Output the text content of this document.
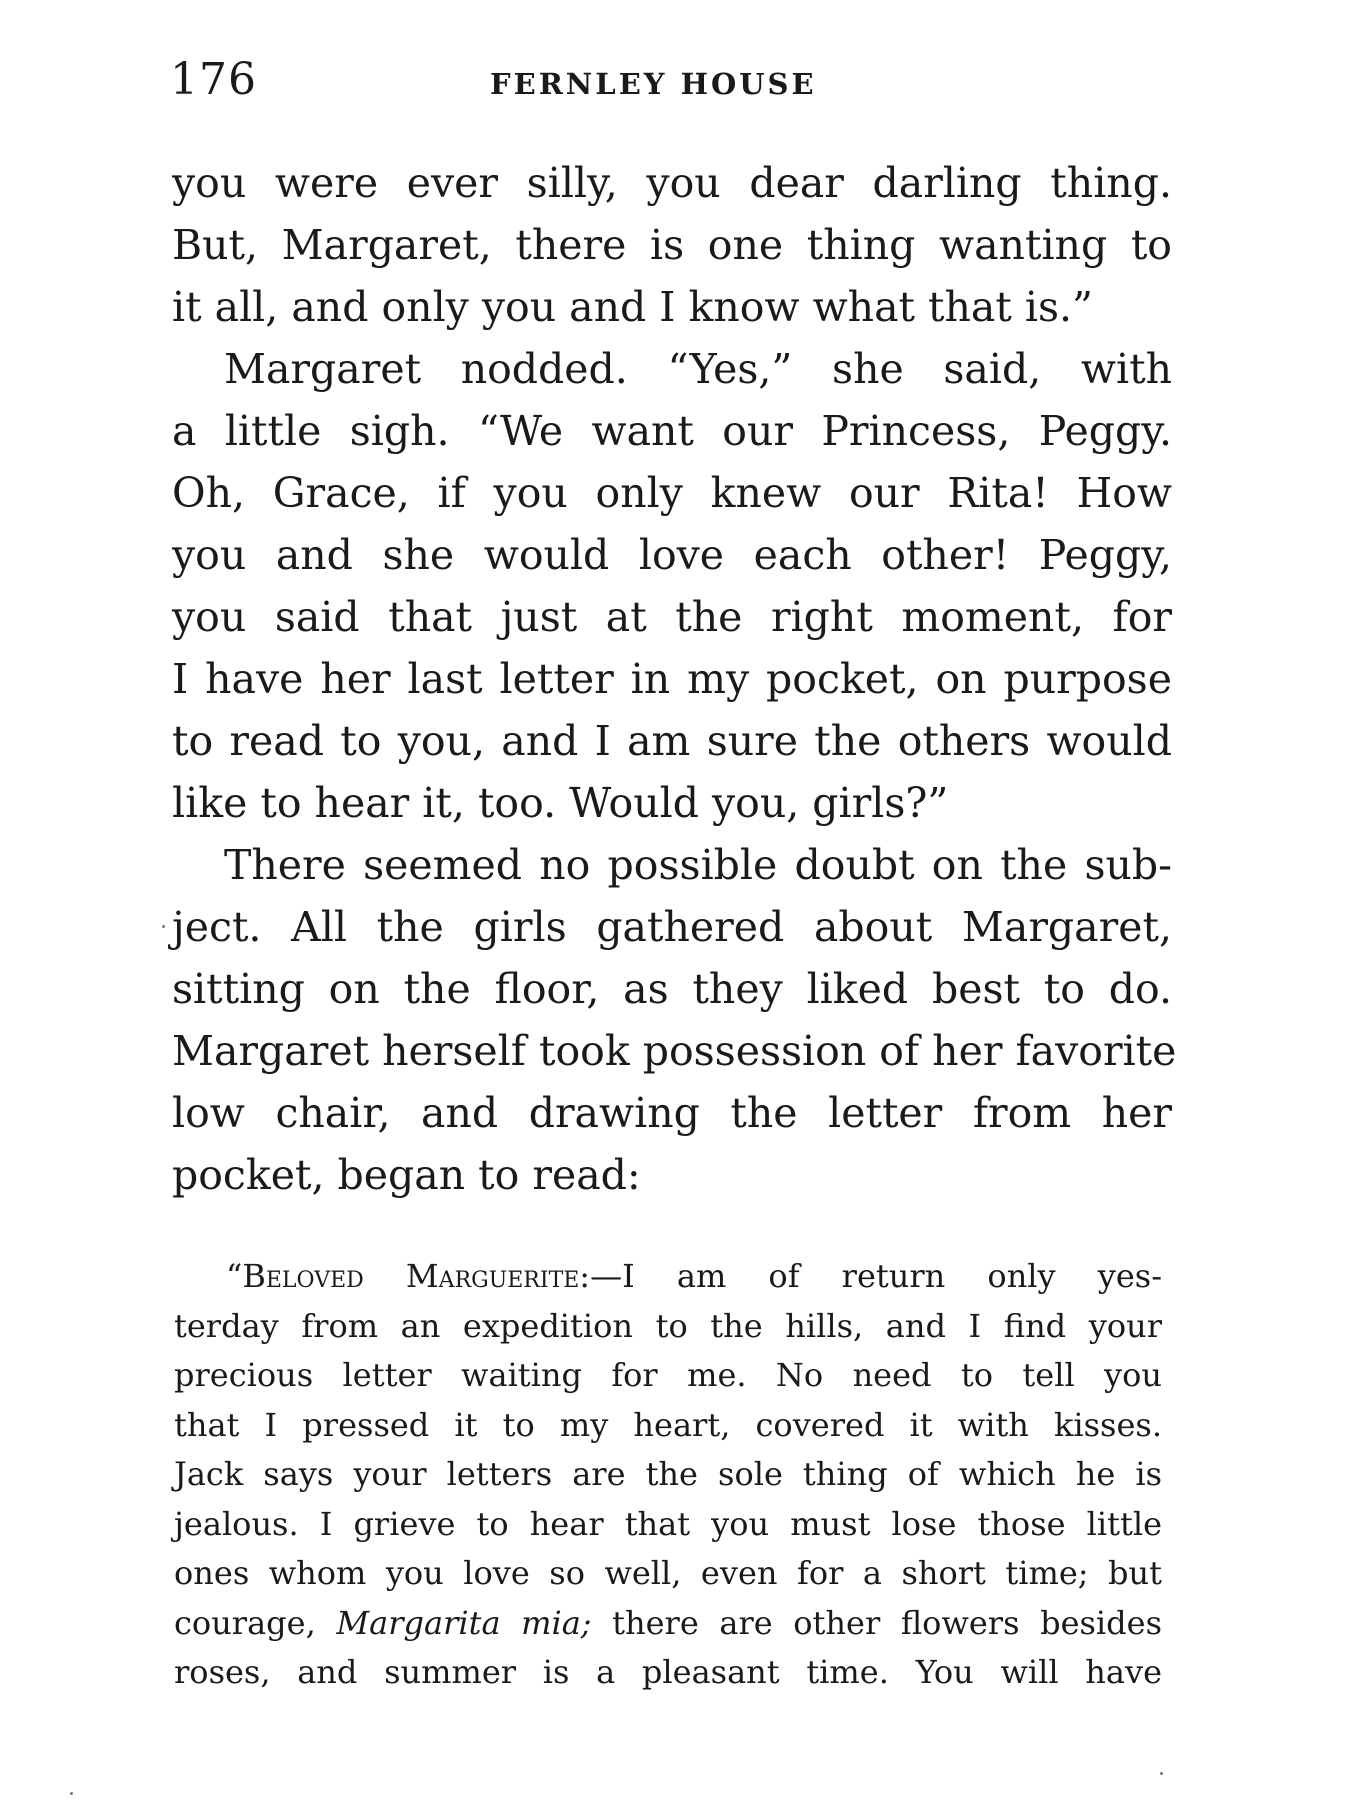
176	FERNLEY HOUSE
you were ever silly, you dear darling thing.
But, Margaret, there is one thing wanting to
it all, and only you and I know what that is.”
Margaret nodded. “Yes,” she said, with
a little sigh. “We want our Princess, Peggy.
Oh, Grace, if you only knew our Rita! How
you and she would love each other! Peggy,
you said that just at the right moment, for
I have her last letter in my pocket, on purpose
to read to you, and I am sure the others would
like to hear it, too. Would you, girls?”
There seemed no possible doubt on the sub-
ject. All the girls gathered about Margaret,
sitting on the floor, as they liked best to do.
Margaret herself took possession of her favorite
low chair, and drawing the letter from her
pocket, began to read:
“Beloved Marguerite:—I am of return only yes-
terday from an expedition to the hills, and I find your
precious letter waiting for me. No need to tell you
that I pressed it to my heart, covered it with kisses.
Jack says your letters are the sole thing of which he is
jealous. I grieve to hear that you must lose those little
ones whom you love so well, even for a short time; but
courage, Margarita mia; there are other flowers besides
roses, and summer is a pleasant time. You will have
